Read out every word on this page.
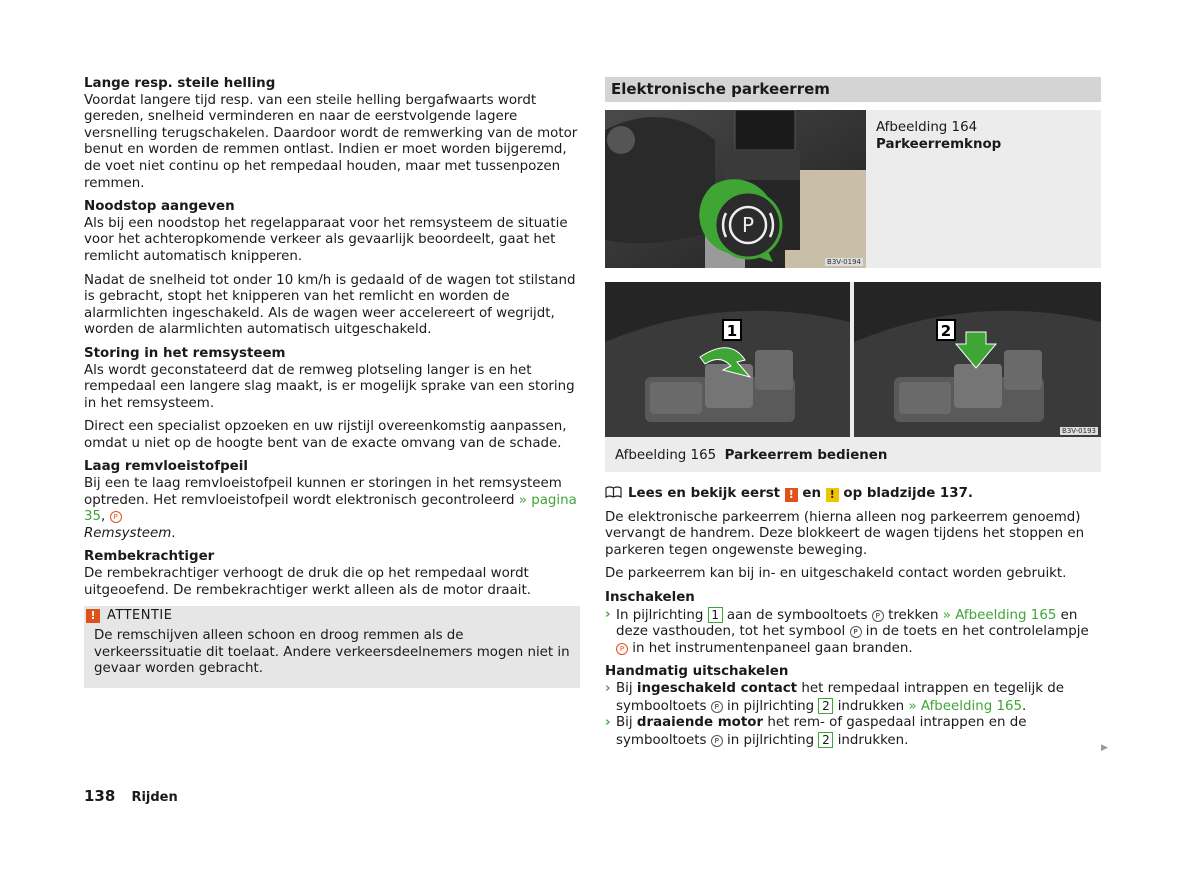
Lange resp. steile helling

Voordat langere tijd resp. van een steile helling bergafwaarts wordt gereden, snelheid verminderen en naar de eerstvolgende lagere versnelling terugschakelen. Daardoor wordt de remwerking van de motor benut en worden de remmen ontlast. Indien er moet worden bijgeremd, de voet niet continu op het rempedaal houden, maar met tussenpozen remmen.

Noodstop aangeven

Als bij een noodstop het regelapparaat voor het remsysteem de situatie voor het achteropkomende verkeer als gevaarlijk beoordeelt, gaat het remlicht automatisch knipperen.

Nadat de snelheid tot onder 10 km/h is gedaald of de wagen tot stilstand is gebracht, stopt het knipperen van het remlicht en worden de alarmlichten ingeschakeld. Als de wagen weer accelereert of wegrijdt, worden de alarmlichten automatisch uitgeschakeld.

Storing in het remsysteem

Als wordt geconstateerd dat de remweg plotseling langer is en het rempedaal een langere slag maakt, is er mogelijk sprake van een storing in het remsysteem.

Direct een specialist opzoeken en uw rijstijl overeenkomstig aanpassen, omdat u niet op de hoogte bent van de exacte omvang van de schade.

Laag remvloeistofpeil

Bij een te laag remvloeistofpeil kunnen er storingen in het remsysteem optreden. Het remvloeistofpeil wordt elektronisch gecontroleerd » pagina 35, P
Remsysteem.

Rembekrachtiger

De rembekrachtiger verhoogt de druk die op het rempedaal wordt uitgeoefend. De rembekrachtiger werkt alleen als de motor draait.

! ATTENTIE
De remschijven alleen schoon en droog remmen als de verkeerssituatie dit toelaat. Andere verkeersdeelnemers mogen niet in gevaar worden gebracht.
Elektronische parkeerrem
P
B3V-0194
Afbeelding 164
Parkeerremknop
1	2
B3V-0193
Afbeelding 165 Parkeerrem bedienen

Lees en bekijk eerst ! en ! op bladzijde 137.

De elektronische parkeerrem (hierna alleen nog parkeerrem genoemd) vervangt de handrem. Deze blokkeert de wagen tijdens het stoppen en parkeren tegen ongewenste beweging.

De parkeerrem kan bij in- en uitgeschakeld contact worden gebruikt.

Inschakelen

› In pijlrichting 1 aan de symbooltoets P trekken » Afbeelding 165 en deze vasthouden, tot het symbool P in de toets en het controlelampje P in het instrumentenpaneel gaan branden.

Handmatig uitschakelen

› Bij ingeschakeld contact het rempedaal intrappen en tegelijk de symbooltoets P in pijlrichting 2 indrukken » Afbeelding 165.
› Bij draaiende motor het rem- of gaspedaal intrappen en de symbooltoets P in pijlrichting 2 indrukken.
▶
138 Rijden
